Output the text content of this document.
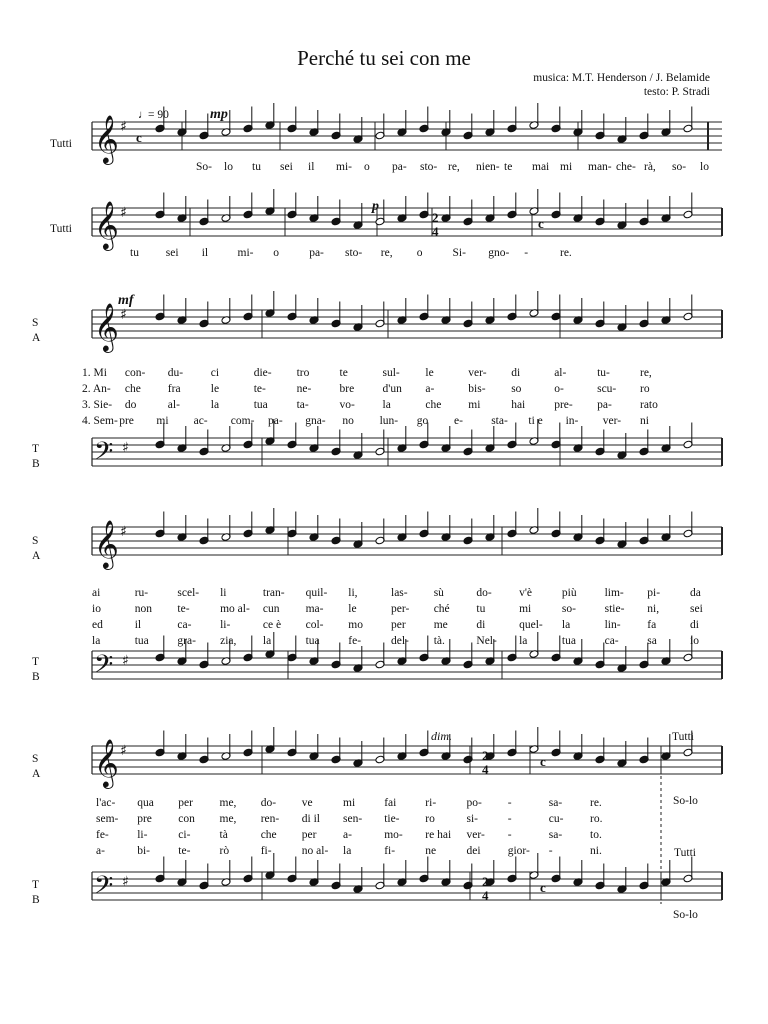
Perché tu sei con me
musica: M.T. Henderson / J. Belamide
testo: P. Stradi
Tutti
♩
= 90	mp
𝄞 ♯
c
So- lo tu sei il mi- o pa- sto- re, nien- te mai mi man- che- rà, so- lo
Tutti
p
𝄞 ♯	2
4
c
tu sei il	mi- o	pa- sto- re, o	Si- gno- -	re.
mf
S
A 𝄞 ♯
1. Mi con- du- ci	die- tro	te	sul- le	ver- di	al-	tu-	re,
2. An- che fra	le	te-	ne- bre d'un a-	bis- so	o-	scu- ro
3. Sie- do	al-	la	tua	ta-	vo- la	che mi	hai	pre- pa- rato
4. Sem- pre mi ac- com- pa- gna- no lun- go e- sta- ti e in- ver- ni
T
B 𝄢 ♯
S
A 𝄞 ♯
ai	ru-	scel- li	tran- quil- li,	las- sù	do- v'è	più lim- pi-	da
io	non te-	mo al- cun ma- le	per- ché tu	mi	so- stie- ni,	sei
ed	il	ca- li-	ce è col- mo per me di	quel- la	lin- fa	di
la	tua gra- zia, la	tua fe-	del- tà.	Nel- la	tua ca- sa	io
T
B 𝄢 ♯
dim.	Tutti
S
A 𝄞 ♯	2
4
c
l'ac- qua per me, do- ve	mi	fai	ri-	po- -	sa- re.
sem- pre con me, ren- di il sen- tie- ro	si-	-	cu- ro.
fe- li-	ci-	tà	che per a-	mo- re hai ver- -	sa- to.
a-	bi- te-	rò	fi-	no al- la	fi-	ne	dei gior- -	ni.
So-lo
Tutti
T
B 𝄢 ♯	2
4
c
So-lo
